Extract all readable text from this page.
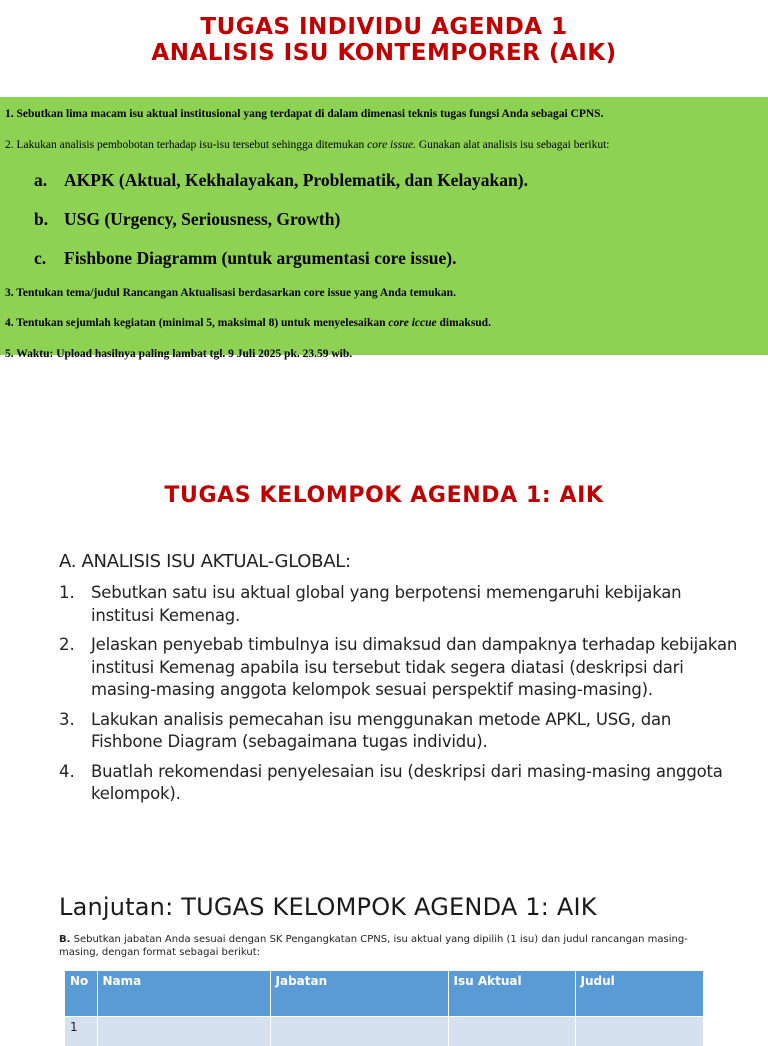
TUGAS INDIVIDU AGENDA 1
ANALISIS ISU KONTEMPORER (AIK)
1. Sebutkan lima macam isu aktual institusional yang terdapat di dalam dimenasi teknis tugas fungsi Anda sebagai CPNS.
2. Lakukan analisis pembobotan terhadap isu-isu tersebut sehingga ditemukan core issue. Gunakan alat analisis isu sebagai berikut:
a. AKPK (Aktual, Kekhalayakan, Problematik, dan Kelayakan).
b. USG (Urgency, Seriousness, Growth)
c. Fishbone Diagramm (untuk argumentasi core issue).
3. Tentukan tema/judul Rancangan Aktualisasi berdasarkan core issue yang Anda temukan.
4. Tentukan sejumlah kegiatan (minimal 5, maksimal 8) untuk menyelesaikan core iccue dimaksud.
5. Waktu: Upload hasilnya paling lambat tgl. 9 Juli 2025 pk. 23.59 wib.
TUGAS KELOMPOK AGENDA 1: AIK
A. ANALISIS ISU AKTUAL-GLOBAL:
1. Sebutkan satu isu aktual global yang berpotensi memengaruhi kebijakan institusi Kemenag.
2. Jelaskan penyebab timbulnya isu dimaksud dan dampaknya terhadap kebijakan institusi Kemenag apabila isu tersebut tidak segera diatasi (deskripsi dari masing-masing anggota kelompok sesuai perspektif masing-masing).
3. Lakukan analisis pemecahan isu menggunakan metode APKL, USG, dan Fishbone Diagram (sebagaimana tugas individu).
4. Buatlah rekomendasi penyelesaian isu (deskripsi dari masing-masing anggota kelompok).
Lanjutan: TUGAS KELOMPOK AGENDA 1: AIK
B. Sebutkan jabatan Anda sesuai dengan SK Pengangkatan CPNS, isu aktual yang dipilih (1 isu) dan judul rancangan masing-masing, dengan format sebagai berikut:
No	Nama	Jabatan	Isu Aktual	Judul
1				
